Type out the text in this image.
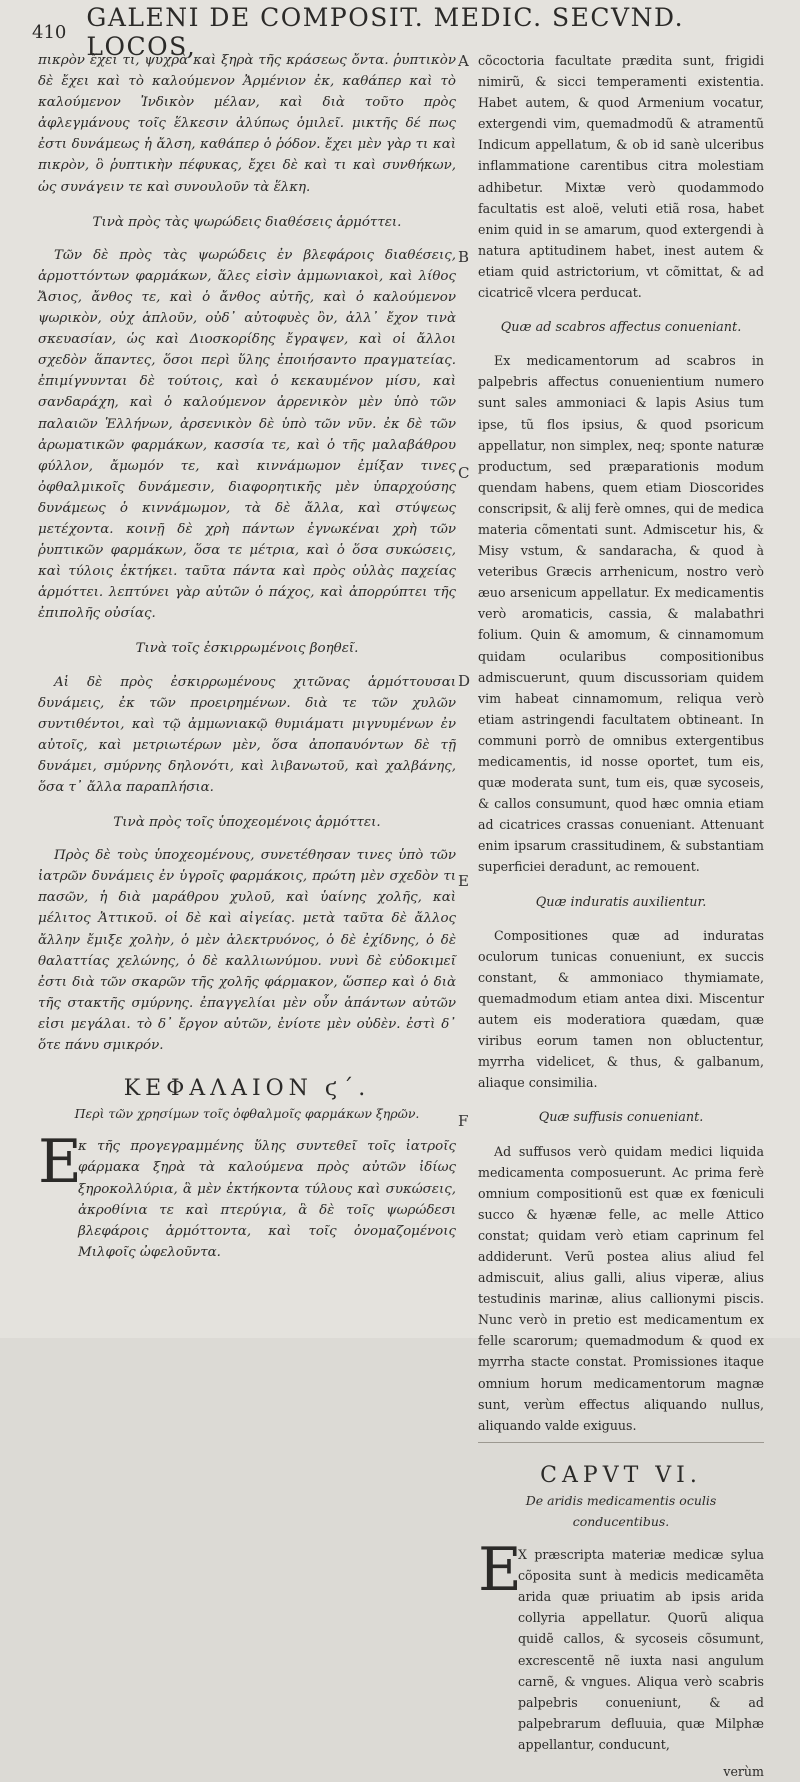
410 GALENI DE COMPOSIT. MEDIC. SECVND. LOCOS,	A
B
C
D
E
F

πικρὸν ἔχει τι, ψυχρὰ καὶ ξηρὰ τῆς κράσεως ὄντα. ῥυπτικὸν δὲ ἔχει καὶ τὸ καλούμενον Ἀρμένιον ἐκ, καθάπερ καὶ τὸ καλούμενον Ἰνδικὸν μέλαν, καὶ διὰ τοῦτο πρὸς ἀφλεγμάνους τοῖς ἕλκεσιν ἀλύπως ὁμιλεῖ. μικτῆς δέ πως ἐστι δυνάμεως ἡ ἄλση, καθάπερ ὁ ῥόδον. ἔχει μὲν γὰρ τι καὶ πικρὸν, ὃ ῥυπτικὴν πέφυκας, ἔχει δὲ καὶ τι καὶ συνθήκων, ὡς συνάγειν τε καὶ συνουλοῦν τὰ ἕλκη.

Τινὰ πρὸς τὰς ψωρώδεις διαθέσεις ἁρμόττει.

Τῶν δὲ πρὸς τὰς ψωρώδεις ἐν βλεφάροις διαθέσεις, ἁρμοττόντων φαρμάκων, ἅλες εἰσὶν ἀμμωνιακοὶ, καὶ λίθος Ἄσιος, ἄνθος τε, καὶ ὁ ἄνθος αὐτῆς, καὶ ὁ καλούμενον ψωρικὸν, οὐχ ἁπλοῦν, οὐδ᾽ αὐτοφυὲς ὂν, ἀλλ᾽ ἔχον τινὰ σκευασίαν, ὡς καὶ Διοσκορίδης ἔγραψεν, καὶ οἱ ἄλλοι σχεδὸν ἅπαντες, ὅσοι περὶ ὕλης ἐποιήσαντο πραγματείας. ἐπιμίγνυνται δὲ τούτοις, καὶ ὁ κεκαυμένον μίσυ, καὶ σανδαράχη, καὶ ὁ καλούμενον ἀρρενικὸν μὲν ὑπὸ τῶν παλαιῶν Ἑλλήνων, ἀρσενικὸν δὲ ὑπὸ τῶν νῦν. ἐκ δὲ τῶν ἀρωματικῶν φαρμάκων, κασσία τε, καὶ ὁ τῆς μαλαβάθρου φύλλον, ἄμωμόν τε, καὶ κιννάμωμον ἐμίξαν τινες ὀφθαλμικοῖς δυνάμεσιν, διαφορητικῆς μὲν ὑπαρχούσης δυνάμεως ὁ κιννάμωμον, τὰ δὲ ἄλλα, καὶ στύψεως μετέχοντα. κοινῇ δὲ χρὴ πάντων ἐγνωκέναι χρὴ τῶν ῥυπτικῶν φαρμάκων, ὅσα τε μέτρια, καὶ ὁ ὅσα συκώσεις, καὶ τύλοις ἐκτήκει. ταῦτα πάντα καὶ πρὸς οὐλὰς παχείας ἁρμόττει. λεπτύνει γὰρ αὐτῶν ὁ πάχος, καὶ ἀπορρύπτει τῆς ἐπιπολῆς οὐσίας.

Τινὰ τοῖς ἐσκιρρωμένοις βοηθεῖ.

Αἱ δὲ πρὸς ἐσκιρρωμένους χιτῶνας ἁρμόττουσαι δυνάμεις, ἐκ τῶν προειρημένων. διὰ τε τῶν χυλῶν συντιθέντοι, καὶ τῷ ἀμμωνιακῷ θυμιάματι μιγνυμένων ἐν αὐτοῖς, καὶ μετριωτέρων μὲν, ὅσα ἀποπαυόντων δὲ τῇ δυνάμει, σμύρνης δηλονότι, καὶ λιβανωτοῦ, καὶ χαλβάνης, ὅσα τ᾽ ἄλλα παραπλήσια.

Τινὰ πρὸς τοῖς ὑποχεομένοις ἁρμόττει.

Πρὸς δὲ τοὺς ὑποχεομένους, συνετέθησαν τινες ὑπὸ τῶν ἰατρῶν δυνάμεις ἐν ὑγροῖς φαρμάκοις, πρώτη μὲν σχεδὸν τι πασῶν, ἡ διὰ μαράθρου χυλοῦ, καὶ ὑαίνης χολῆς, καὶ μέλιτος Ἀττικοῦ. οἱ δὲ καὶ αἰγείας. μετὰ ταῦτα δὲ ἄλλος ἄλλην ἔμιξε χολὴν, ὁ μὲν ἀλεκτρυόνος, ὁ δὲ ἐχίδνης, ὁ δὲ θαλαττίας χελώνης, ὁ δὲ καλλιωνύμου. νυνὶ δὲ εὐδοκιμεῖ ἐστι διὰ τῶν σκαρῶν τῆς χολῆς φάρμακον, ὥσπερ καὶ ὁ διὰ τῆς στακτῆς σμύρνης. ἐπαγγελίαι μὲν οὖν ἁπάντων αὐτῶν εἰσι μεγάλαι. τὸ δ᾽ ἔργον αὐτῶν, ἐνίοτε μὲν οὐδὲν. ἐστὶ δ᾽ ὅτε πάνυ σμικρόν.

ΚΕΦΑΛΑΙΟΝ ϛ΄.
Περὶ τῶν χρησίμων τοῖς ὀφθαλμοῖς φαρμάκων ξηρῶν.
Ε
κ τῆς προγεγραμμένης ὕλης συντεθεῖ τοῖς ἰατροῖς φάρμακα ξηρὰ τὰ καλούμενα πρὸς αὐτῶν ἰδίως ξηροκολλύρια, ἃ μὲν ἐκτήκοντα τύλους καὶ συκώσεις, ἀκροθίνια τε καὶ πτερύγια, ἃ δὲ τοῖς ψωρώδεσι βλεφάροις ἁρμόττοντα, καὶ τοῖς ὀνομαζομένοις Μιλφοῖς ὠφελοῦντα.

cõcoctoria facultate prædita sunt, frigidi nimirũ, & sicci temperamenti existentia. Habet autem, & quod Armenium vocatur, extergendi vim, quemadmodũ & atramentũ Indicum appellatum, & ob id sanè ulceribus inflammatione carentibus citra molestiam adhibetur. Mixtæ verò quodammodo facultatis est aloë, veluti etiã rosa, habet enim quid in se amarum, quod extergendi à natura aptitudinem habet, inest autem & etiam quid astrictorium, vt cõmittat, & ad cicatricẽ vlcera perducat.

Quæ ad scabros affectus conueniant.

Ex medicamentorum ad scabros in palpebris affectus conuenientium numero sunt sales ammoniaci & lapis Asius tum ipse, tũ flos ipsius, & quod psoricum appellatur, non simplex, neq; sponte naturæ productum, sed præparationis modum quendam habens, quem etiam Dioscorides conscripsit, & alij ferè omnes, qui de medica materia cõmentati sunt. Admiscetur his, & Misy vstum, & sandaracha, & quod à veteribus Græcis arrhenicum, nostro verò æuo arsenicum appellatur. Ex medicamentis verò aromaticis, cassia, & malabathri folium. Quin & amomum, & cinnamomum quidam ocularibus compositionibus admiscuerunt, quum discussoriam quidem vim habeat cinnamomum, reliqua verò etiam astringendi facultatem obtineant. In communi porrò de omnibus extergentibus medicamentis, id nosse oportet, tum eis, quæ moderata sunt, tum eis, quæ sycoseis, & callos consumunt, quod hæc omnia etiam ad cicatrices crassas conueniant. Attenuant enim ipsarum crassitudinem, & substantiam superficiei deradunt, ac remouent.

Quæ induratis auxilientur.

Compositiones quæ ad induratas oculorum tunicas conueniunt, ex succis constant, & ammoniaco thymiamate, quemadmodum etiam antea dixi. Miscentur autem eis moderatiora quædam, quæ viribus eorum tamen non obluctentur, myrrha videlicet, & thus, & galbanum, aliaque consimilia.

Quæ suffusis conueniant.

Ad suffusos verò quidam medici liquida medicamenta composuerunt. Ac prima ferè omnium compositionũ est quæ ex fœniculi succo & hyænæ felle, ac melle Attico constat; quidam verò etiam caprinum fel addiderunt. Verũ postea alius aliud fel admiscuit, alius galli, alius viperæ, alius testudinis marinæ, alius callionymi piscis. Nunc verò in pretio est medicamentum ex felle scarorum; quemadmodum & quod ex myrrha stacte constat. Promissiones itaque omnium horum medicamentorum magnæ sunt, verùm effectus aliquando nullus, aliquando valde exiguus.

CAPVT VI.
De aridis medicamentis oculis conducentibus.
E
X præscripta materiæ medicæ sylua cõposita sunt à medicis medicamẽta arida quæ priuatim ab ipsis arida collyria appellatur. Quorũ aliqua quidẽ callos, & sycoseis cõsumunt, excrescentẽ nẽ iuxta nasi angulum carnẽ, & vngues. Aliqua verò scabris palpebris conueniunt, & ad palpebrarum defluuia, quæ Milphæ appellantur, conducunt,
verùm
